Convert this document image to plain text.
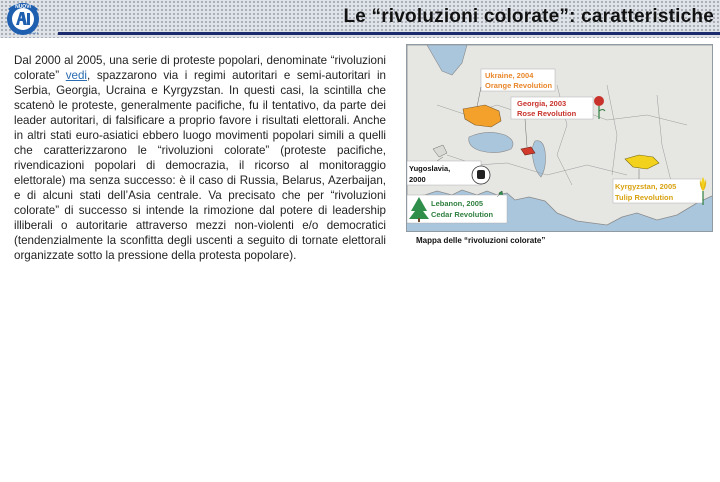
NUOVI
www.nuovi.it
Le “rivoluzioni colorate”: caratteristiche
Dal 2000 al 2005, una serie di proteste popolari, denominate “rivoluzioni colorate” vedi, spazzarono via i regimi autoritari e semi-autoritari in Serbia, Georgia, Ucraina e Kyrgyzstan. In questi casi, la scintilla che scatenò le proteste, generalmente pacifiche, fu il tentativo, da parte dei leader autoritari, di falsificare a proprio favore i risultati elettorali. Anche in altri stati euro-asiatici ebbero luogo movimenti popolari simili a quelli che caratterizzarono le “rivoluzioni colorate” (proteste pacifiche, rivendicazioni popolari di democrazia, il ricorso al monitoraggio elettorale) ma senza successo: è il caso di Russia, Belarus, Azerbaijan, e di alcuni stati dell’Asia centrale. Va precisato che per “rivoluzioni colorate” di successo si intende la rimozione dal potere di leadership illiberali o autoritarie attraverso mezzi non-violenti e/o democratici (tendenzialmente la sconfitta degli uscenti a seguito di tornate elettorali organizzate sotto la pressione della protesta popolare).
Ukraine, 2004
Orange Revolution
Georgia, 2003
Rose Revolution
Yugoslavia,
2000
Lebanon, 2005
Cedar Revolution
Kyrgyzstan, 2005
Tulip Revolution
Mappa delle “rivoluzioni colorate”
